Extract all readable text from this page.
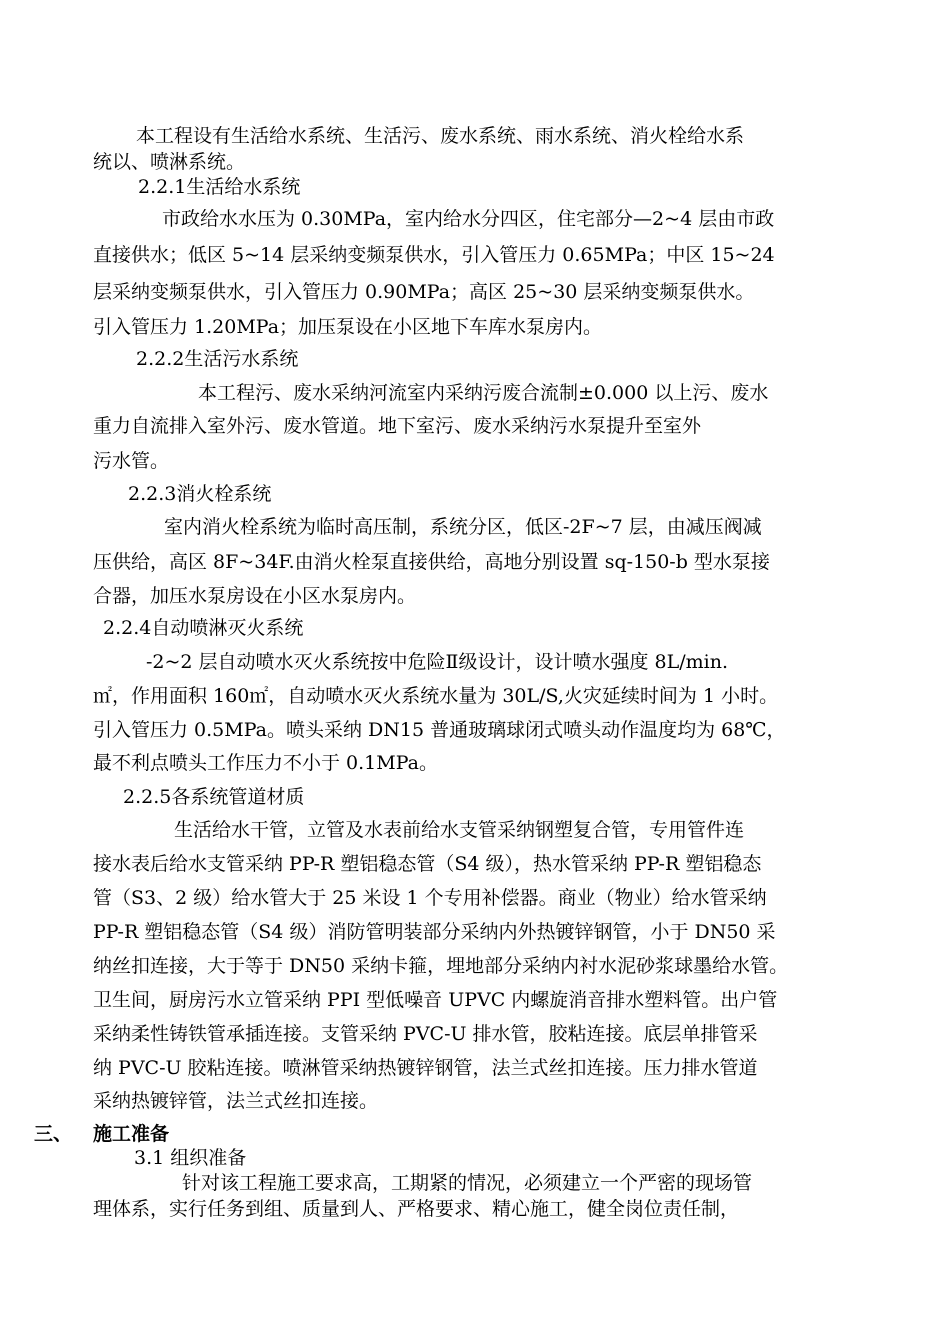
本工程设有生活给水系统、生活污、废水系统、雨水系统、消火栓给水系
统以、喷淋系统。
2.2.1生活给水系统
市政给水水压为 0.30MPa，室内给水分四区，住宅部分—2~4 层由市政
直接供水；低区 5~14 层采纳变频泵供水，引入管压力 0.65MPa；中区 15~24
层采纳变频泵供水，引入管压力 0.90MPa；高区 25~30 层采纳变频泵供水。
引入管压力 1.20MPa；加压泵设在小区地下车库水泵房内。
2.2.2生活污水系统
本工程污、废水采纳河流室内采纳污废合流制±0.000 以上污、废水
重力自流排入室外污、废水管道。地下室污、废水采纳污水泵提升至室外
污水管。
2.2.3消火栓系统
室内消火栓系统为临时高压制，系统分区，低区-2F~7 层，由减压阀减
压供给，高区 8F~34F.由消火栓泵直接供给，高地分别设置 sq-150-b 型水泵接
合器，加压水泵房设在小区水泵房内。
2.2.4自动喷淋灭火系统
-2~2 层自动喷水灭火系统按中危险Ⅱ级设计，设计喷水强度 8L/min.
㎡，作用面积 160㎡，自动喷水灭火系统水量为 30L/S,火灾延续时间为 1 小时。
引入管压力 0.5MPa。喷头采纳 DN15 普通玻璃球闭式喷头动作温度均为 68℃，
最不利点喷头工作压力不小于 0.1MPa。
2.2.5各系统管道材质
生活给水干管，立管及水表前给水支管采纳钢塑复合管，专用管件连
接水表后给水支管采纳 PP-R 塑铝稳态管（S4 级），热水管采纳 PP-R 塑铝稳态
管（S3、2 级）给水管大于 25 米设 1 个专用补偿器。商业（物业）给水管采纳
PP-R 塑铝稳态管（S4 级）消防管明装部分采纳内外热镀锌钢管，小于 DN50 采
纳丝扣连接，大于等于 DN50 采纳卡箍，埋地部分采纳内衬水泥砂浆球墨给水管。
卫生间，厨房污水立管采纳 PPI 型低噪音 UPVC 内螺旋消音排水塑料管。出户管
采纳柔性铸铁管承插连接。支管采纳 PVC-U 排水管，胶粘连接。底层单排管采
纳 PVC-U 胶粘连接。喷淋管采纳热镀锌钢管，法兰式丝扣连接。压力排水管道
采纳热镀锌管，法兰式丝扣连接。
三、 施工准备
3.1 组织准备
针对该工程施工要求高，工期紧的情况，必须建立一个严密的现场管
理体系，实行任务到组、质量到人、严格要求、精心施工，健全岗位责任制，
